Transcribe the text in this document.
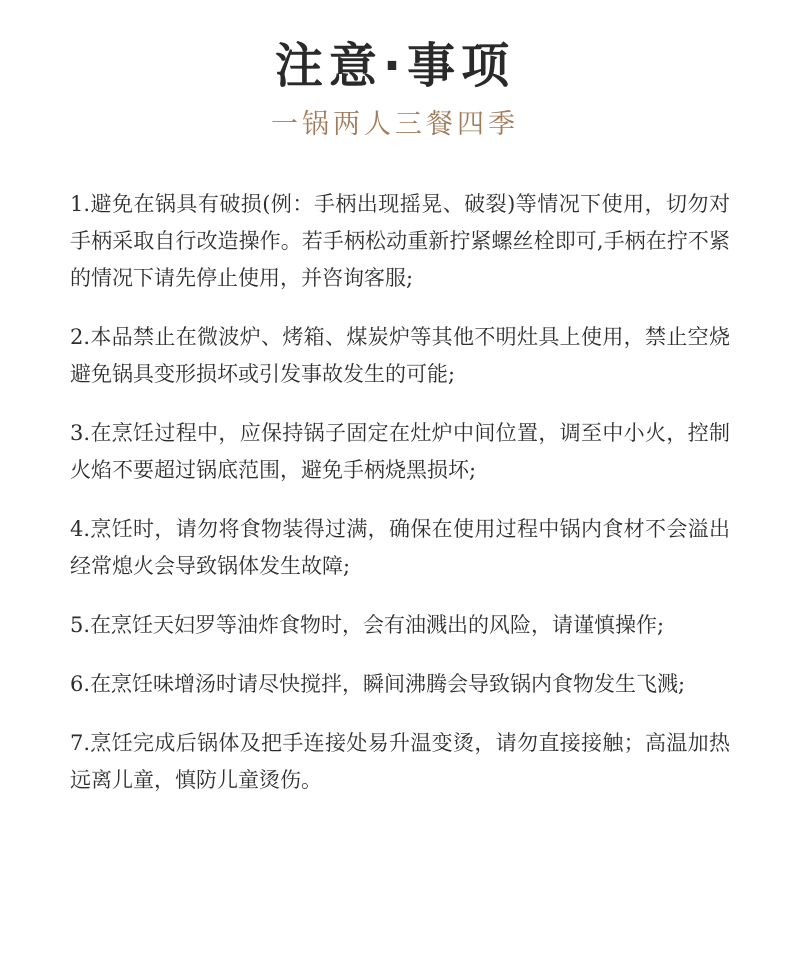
注意·事项
一锅两人三餐四季

1.避免在锅具有破损(例：手柄出现摇晃、破裂)等情况下使用，切勿对手柄采取自行改造操作。若手柄松动重新拧紧螺丝栓即可,手柄在拧不紧的情况下请先停止使用，并咨询客服;

2.本品禁止在微波炉、烤箱、煤炭炉等其他不明灶具上使用，禁止空烧避免锅具变形损坏或引发事故发生的可能;

3.在烹饪过程中，应保持锅子固定在灶炉中间位置，调至中小火，控制火焰不要超过锅底范围，避免手柄烧黑损坏;

4.烹饪时，请勿将食物装得过满，确保在使用过程中锅内食材不会溢出经常熄火会导致锅体发生故障;

5.在烹饪天妇罗等油炸食物时，会有油溅出的风险，请谨慎操作;

6.在烹饪味增汤时请尽快搅拌，瞬间沸腾会导致锅内食物发生飞溅;

7.烹饪完成后锅体及把手连接处易升温变烫，请勿直接接触；高温加热远离儿童，慎防儿童烫伤。
